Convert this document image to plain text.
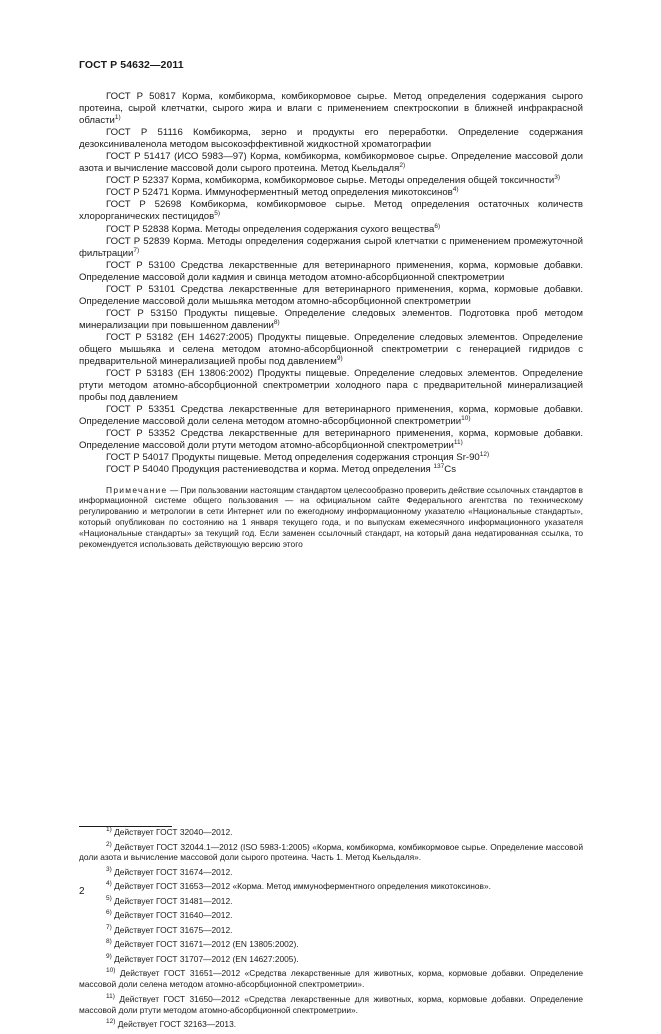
ГОСТ Р 54632—2011

ГОСТ Р 50817 Корма, комбикорма, комбикормовое сырье. Метод определения содержания сырого протеина, сырой клетчатки, сырого жира и влаги с применением спектроскопии в ближней инфракрасной области$^{1)}$

ГОСТ Р 51116 Комбикорма, зерно и продукты его переработки. Определение содержания дезоксиниваленола методом высокоэффективной жидкостной хроматографии

ГОСТ Р 51417 (ИСО 5983—97) Корма, комбикорма, комбикормовое сырье. Определение массовой доли азота и вычисление массовой доли сырого протеина. Метод Кьельдаля$^{2)}$

ГОСТ Р 52337 Корма, комбикорма, комбикормовое сырье. Методы определения общей токсичности$^{3)}$

ГОСТ Р 52471 Корма. Иммуноферментный метод определения микотоксинов$^{4)}$

ГОСТ Р 52698 Комбикорма, комбикормовое сырье. Метод определения остаточных количеств хлорорганических пестицидов$^{5)}$

ГОСТ Р 52838 Корма. Методы определения содержания сухого вещества$^{6)}$

ГОСТ Р 52839 Корма. Методы определения содержания сырой клетчатки с применением промежуточной фильтрации$^{7)}$

ГОСТ Р 53100 Средства лекарственные для ветеринарного применения, корма, кормовые добавки. Определение массовой доли кадмия и свинца методом атомно-абсорбционной спектрометрии

ГОСТ Р 53101 Средства лекарственные для ветеринарного применения, корма, кормовые добавки. Определение массовой доли мышьяка методом атомно-абсорбционной спектрометрии

ГОСТ Р 53150 Продукты пищевые. Определение следовых элементов. Подготовка проб методом минерализации при повышенном давлении$^{8)}$

ГОСТ Р 53182 (ЕН 14627:2005) Продукты пищевые. Определение следовых элементов. Определение общего мышьяка и селена методом атомно-абсорбционной спектрометрии с генерацией гидридов с предварительной минерализацией пробы под давлением$^{9)}$

ГОСТ Р 53183 (ЕН 13806:2002) Продукты пищевые. Определение следовых элементов. Определение ртути методом атомно-абсорбционной спектрометрии холодного пара с предварительной минерализацией пробы под давлением

ГОСТ Р 53351 Средства лекарственные для ветеринарного применения, корма, кормовые добавки. Определение массовой доли селена методом атомно-абсорбционной спектрометрии$^{10)}$

ГОСТ Р 53352 Средства лекарственные для ветеринарного применения, корма, кормовые добавки. Определение массовой доли ртути методом атомно-абсорбционной спектрометрии$^{11)}$

ГОСТ Р 54017 Продукты пищевые. Метод определения содержания стронция Sr-90$^{12)}$

ГОСТ Р 54040 Продукция растениеводства и корма. Метод определения $^{137}$Cs

Примечание — При пользовании настоящим стандартом целесообразно проверить действие ссылочных стандартов в информационной системе общего пользования — на официальном сайте Федерального агентства по техническому регулированию и метрологии в сети Интернет или по ежегодному информационному указателю «Национальные стандарты», который опубликован по состоянию на 1 января текущего года, и по выпускам ежемесячного информационного указателя «Национальные стандарты» за текущий год. Если заменен ссылочный стандарт, на который дана недатированная ссылка, то рекомендуется использовать действующую версию этого

$^{1)}$ Действует ГОСТ 32040—2012.

$^{2)}$ Действует ГОСТ 32044.1—2012 (ISO 5983-1:2005) «Корма, комбикорма, комбикормовое сырье. Определение массовой доли азота и вычисление массовой доли сырого протеина. Часть 1. Метод Кьельдаля».

$^{3)}$ Действует ГОСТ 31674—2012.

$^{4)}$ Действует ГОСТ 31653—2012 «Корма. Метод иммуноферментного определения микотоксинов».

$^{5)}$ Действует ГОСТ 31481—2012.

$^{6)}$ Действует ГОСТ 31640—2012.

$^{7)}$ Действует ГОСТ 31675—2012.

$^{8)}$ Действует ГОСТ 31671—2012 (EN 13805:2002).

$^{9)}$ Действует ГОСТ 31707—2012 (EN 14627:2005).

$^{10)}$ Действует ГОСТ 31651—2012 «Средства лекарственные для животных, корма, кормовые добавки. Определение массовой доли селена методом атомно-абсорбционной спектрометрии».

$^{11)}$ Действует ГОСТ 31650—2012 «Средства лекарственные для животных, корма, кормовые добавки. Определение массовой доли ртути методом атомно-абсорбционной спектрометрии».

$^{12)}$ Действует ГОСТ 32163—2013.

2
